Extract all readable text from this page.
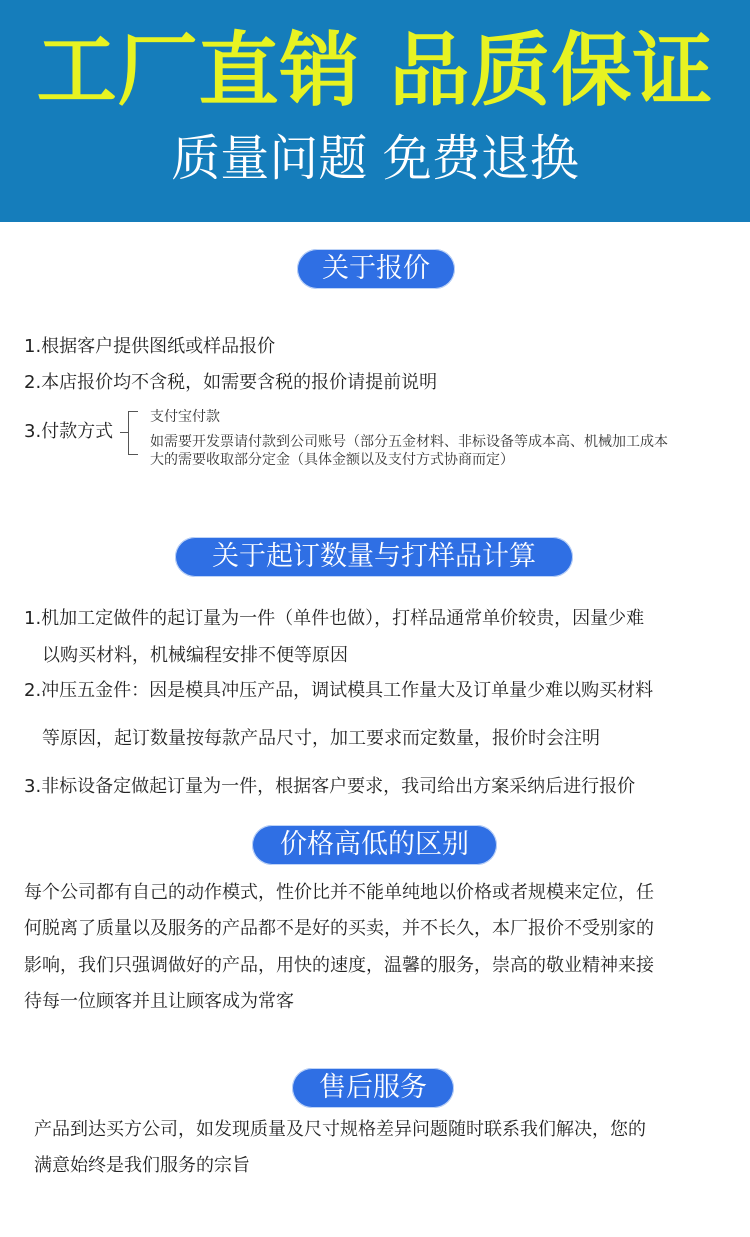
工厂直销 品质保证
质量问题 免费退换
关于报价
1.根据客户提供图纸或样品报价
2.本店报价均不含税，如需要含税的报价请提前说明
3.付款方式
支付宝付款
如需要开发票请付款到公司账号（部分五金材料、非标设备等成本高、机械加工成本
大的需要收取部分定金（具体金额以及支付方式协商而定）
关于起订数量与打样品计算
1.机加工定做件的起订量为一件（单件也做），打样品通常单价较贵，因量少难
以购买材料，机械编程安排不便等原因
2.冲压五金件：因是模具冲压产品，调试模具工作量大及订单量少难以购买材料
等原因，起订数量按每款产品尺寸，加工要求而定数量，报价时会注明
3.非标设备定做起订量为一件，根据客户要求，我司给出方案采纳后进行报价
价格高低的区别
每个公司都有自己的动作模式，性价比并不能单纯地以价格或者规模来定位，任
何脱离了质量以及服务的产品都不是好的买卖，并不长久，本厂报价不受别家的
影响，我们只强调做好的产品，用快的速度，温馨的服务，崇高的敬业精神来接
待每一位顾客并且让顾客成为常客
售后服务
产品到达买方公司，如发现质量及尺寸规格差异问题随时联系我们解决，您的
满意始终是我们服务的宗旨
